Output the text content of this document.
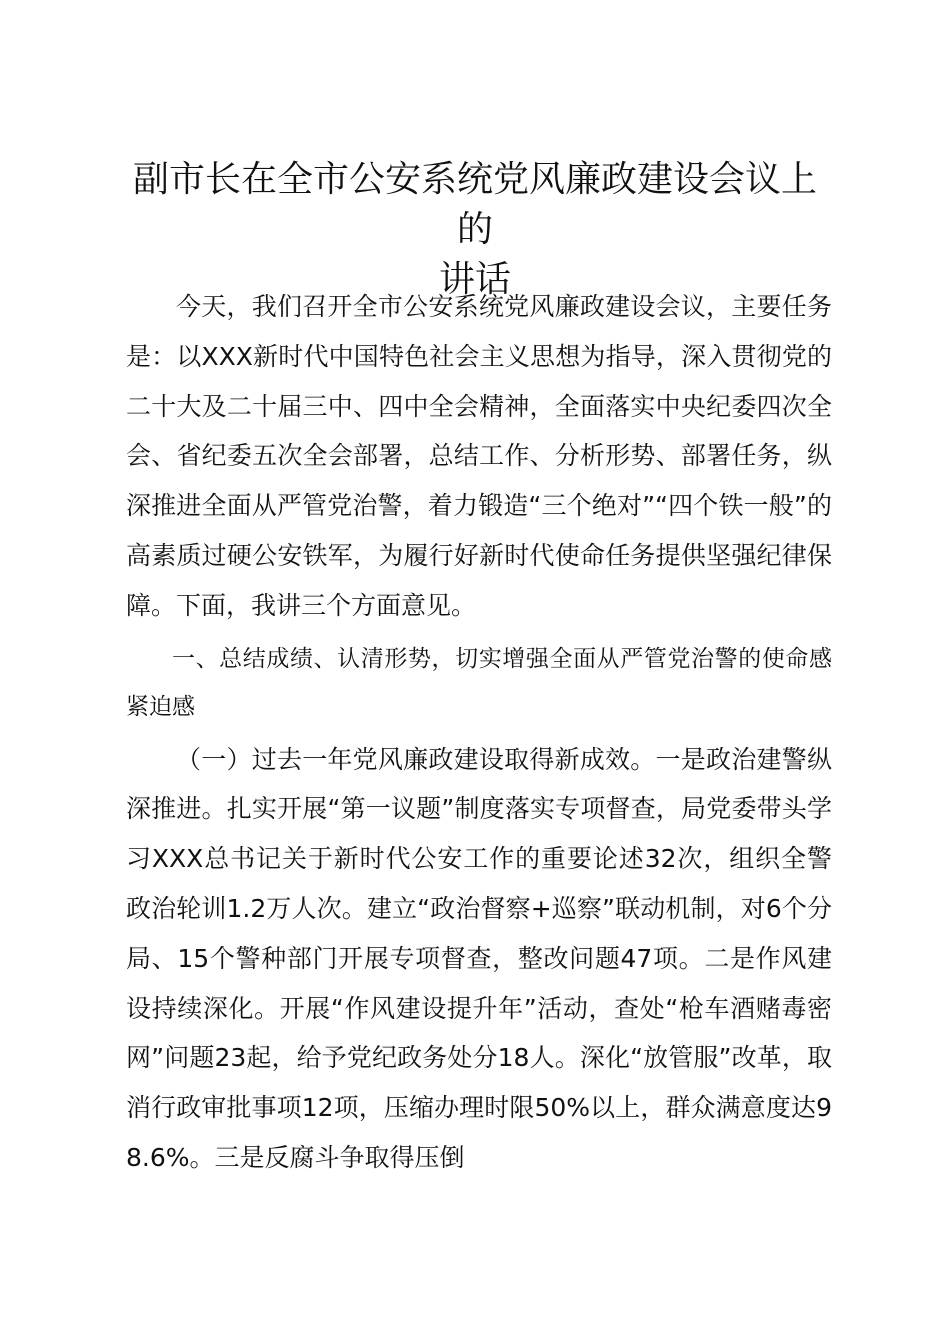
副市长在全市公安系统党风廉政建设会议上的
讲话

今天，我们召开全市公安系统党风廉政建设会议，主要任务是：以XXX新时代中国特色社会主义思想为指导，深入贯彻党的二十大及二十届三中、四中全会精神，全面落实中央纪委四次全会、省纪委五次全会部署，总结工作、分析形势、部署任务，纵深推进全面从严管党治警，着力锻造“三个绝对”“四个铁一般”的高素质过硬公安铁军，为履行好新时代使命任务提供坚强纪律保障。下面，我讲三个方面意见。

一、总结成绩、认清形势，切实增强全面从严管党治警的使命感紧迫感

（一）过去一年党风廉政建设取得新成效。一是政治建警纵深推进。扎实开展“第一议题”制度落实专项督查，局党委带头学习XXX总书记关于新时代公安工作的重要论述32次，组织全警政治轮训1.2万人次。建立“政治督察+巡察”联动机制，对6个分局、15个警种部门开展专项督查，整改问题47项。二是作风建设持续深化。开展“作风建设提升年”活动，查处“枪车酒赌毒密网”问题23起，给予党纪政务处分18人。深化“放管服”改革，取消行政审批事项12项，压缩办理时限50%以上，群众满意度达98.6%。三是反腐斗争取得压倒
